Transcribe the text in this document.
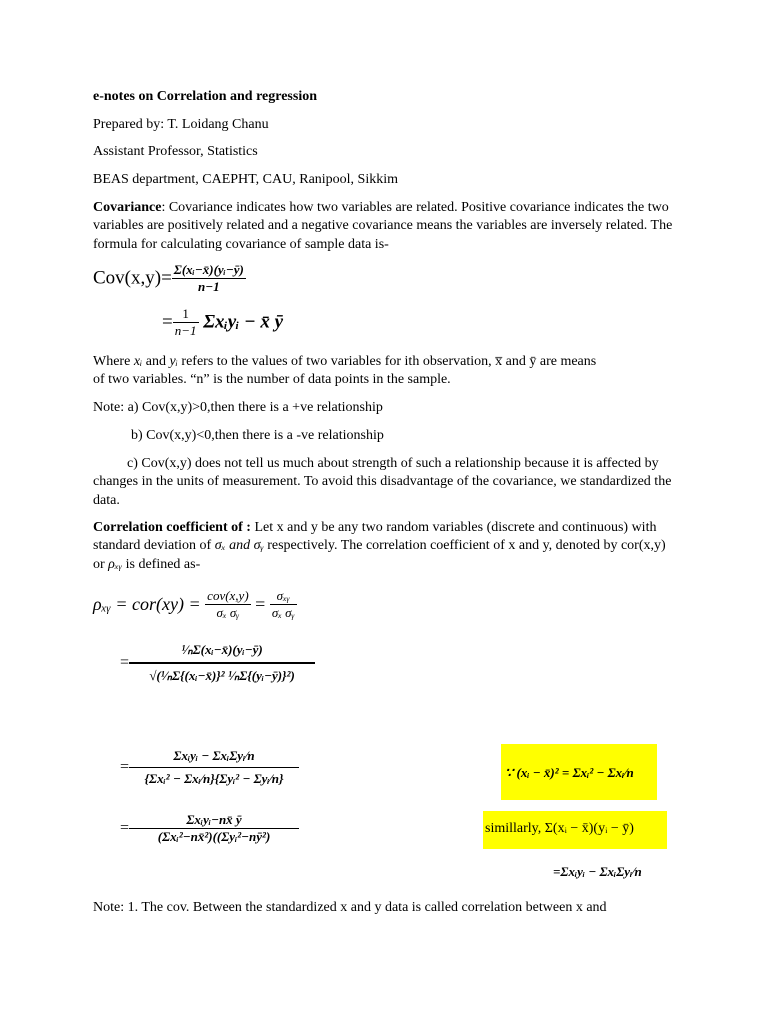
e-notes on Correlation and regression
Prepared by: T. Loidang Chanu
Assistant Professor, Statistics
BEAS department, CAEPHT, CAU, Ranipool, Sikkim
Covariance: Covariance indicates how two variables are related. Positive covariance indicates the two variables are positively related and a negative covariance means the variables are inversely related. The formula for calculating covariance of sample data is-
$Cov(x,y)= \frac{\text{Σ(xᵢ−x̄)(yᵢ−ȳ)}}{n-1}$
= $\frac{1}{n-1}$ Σxᵢyᵢ − x̄ ȳ
Where xᵢ and yᵢ refers to the values of two variables for ith observation, x̅ and ȳ are means
of two variables. “n” is the number of data points in the sample.
Note: a) Cov(x,y)>0,then there is a +ve relationship
b) Cov(x,y)<0,then there is a -ve relationship
c) Cov(x,y) does not tell us much about strength of such a relationship because it is affected by changes in the units of measurement. To avoid this disadvantage of the covariance, we standardized the data.
Correlation coefficient of : Let x and y be any two random variables (discrete and continuous) with standard deviation of σₓ and σᵧ respectively. The correlation coefficient of x and y, denoted by cor(x,y) or ρₓᵧ is defined as-
ρₓᵧ = $cor(xy) = \frac{\text{cov(x,y)}}{\text{σₓ σᵧ}} = \frac{\text{σₓᵧ}}{\text{σₓ σᵧ}}$
= $\frac{\text{¹⁄ₙΣ(xᵢ−x̄)(yᵢ−ȳ)}}{\text{√(¹⁄ₙΣ\{(xᵢ−x̄)\}² ¹⁄ₙΣ\{(yᵢ−ȳ)\}²)}}$
= $\frac{\text{Σxᵢyᵢ − ΣxᵢΣyᵢ⁄n}}{\text{\{Σxᵢ² − Σxᵢ⁄n\}\{Σyᵢ² − Σyᵢ⁄n\}}}$
= $\frac{\text{Σxᵢyᵢ−nx̄ ȳ}}{\text{(Σxᵢ²−nx̄²)((Σyᵢ²−nȳ²)}}$
∵ (xᵢ − x̄)² = Σxᵢ² − Σxᵢ⁄n
simillarly, Σ(xᵢ − x̄)(yᵢ − ȳ)
=Σxᵢyᵢ − ΣxᵢΣyᵢ⁄n
Note: 1. The cov. Between the standardized x and y data is called correlation between x and
